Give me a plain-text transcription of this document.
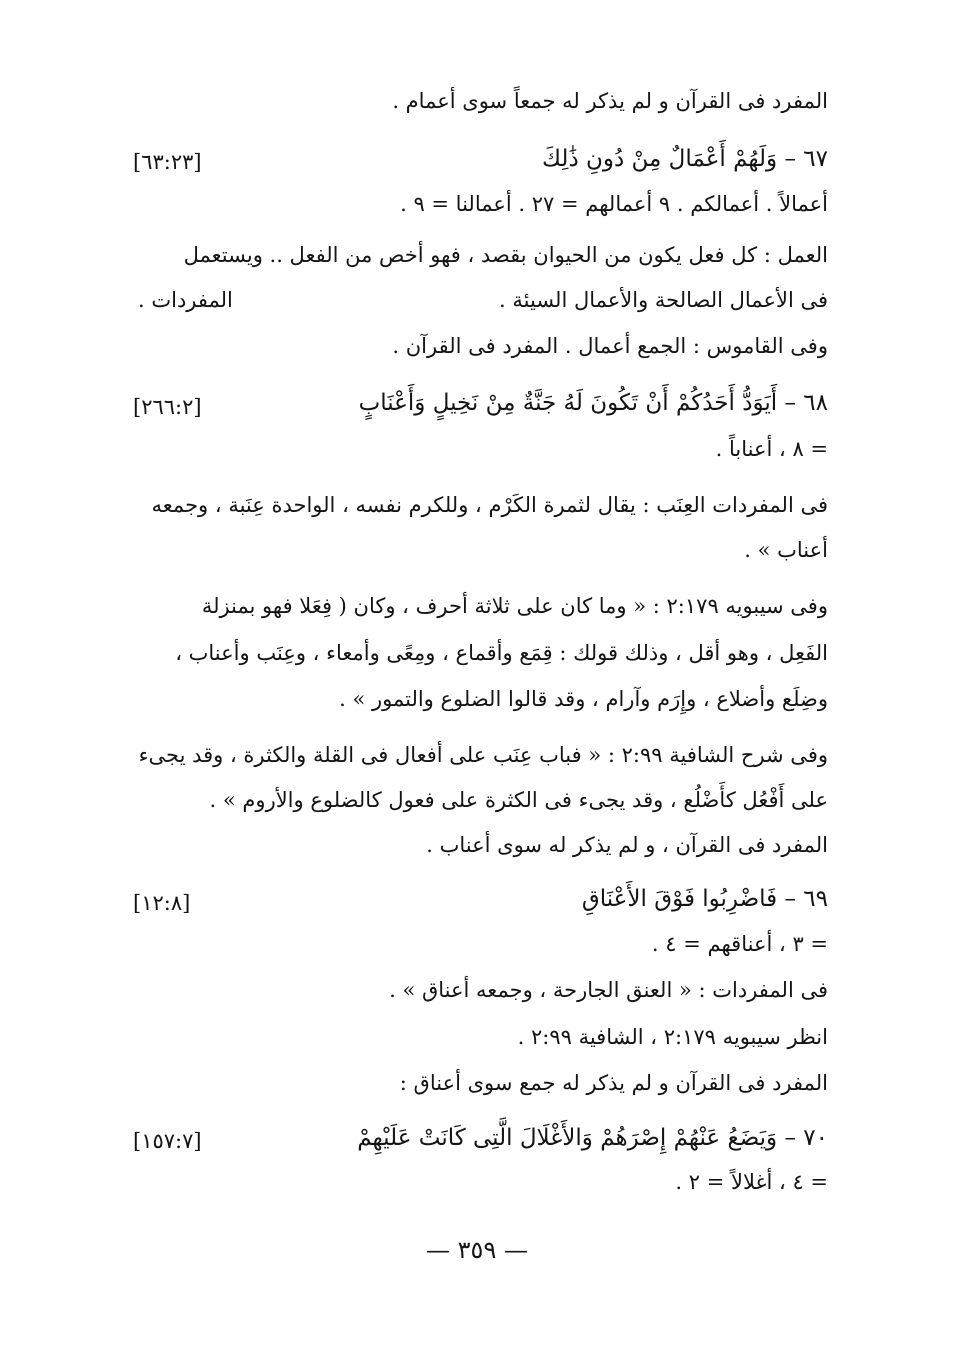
المفرد فى القرآن و لم يذكر له جمعاً سوى أعمام .
٦٧ – وَلَهُمْ أَعْمَالٌ مِنْ دُونِ ذَٰلِكَ
[٦٣:٢٣]
أعمالاً . أعمالكم . ٩ أعمالهم = ٢٧ . أعمالنا = ٩ .
العمل : كل فعل يكون من الحيوان بقصد ، فهو أخص من الفعل .. ويستعمل
فى الأعمال الصالحة والأعمال السيئة .
المفردات .
وفى القاموس : الجمع أعمال . المفرد فى القرآن .
٦٨ – أَيَوَدُّ أَحَدُكُمْ أَنْ تَكُونَ لَهُ جَنَّةٌ مِنْ نَخِيلٍ وَأَعْنَابٍ
[٢٦٦:٢]
= ٨ ، أعناباً .
فى المفردات العِنَب : يقال لثمرة الكَرْم ، وللكرم نفسه ، الواحدة عِنَبة ، وجمعه
أعناب » .
وفى سيبويه ٢:١٧٩ : « وما كان على ثلاثة أحرف ، وكان ( فِعَلا فهو بمنزلة
الفَعِل ، وهو أقل ، وذلك قولك : قِمَع وأقماع ، ومِعًى وأمعاء ، وعِنَب وأعناب ،
وضِلَع وأضلاع ، وإِرَم وآرام ، وقد قالوا الضلوع والتمور » .
وفى شرح الشافية ٢:٩٩ : « فباب عِنَب على أفعال فى القلة والكثرة ، وقد يجىء
على أَفْعُل كأَضْلُع ، وقد يجىء فى الكثرة على فعول كالضلوع والأروم » .
المفرد فى القرآن ، و لم يذكر له سوى أعناب .
٦٩ – فَاضْرِبُوا فَوْقَ الأَعْنَاقِ
[١٢:٨]
= ٣ ، أعناقهم = ٤ .
فى المفردات : « العنق الجارحة ، وجمعه أعناق » .
انظر سيبويه ٢:١٧٩ ، الشافية ٢:٩٩ .
المفرد فى القرآن و لم يذكر له جمع سوى أعناق :
٧٠ – وَيَضَعُ عَنْهُمْ إِصْرَهُمْ وَالأَغْلَالَ الَّتِى كَانَتْ عَلَيْهِمْ
[١٥٧:٧]
= ٤ ، أغلالاً = ٢ .
— ٣٥٩ —
